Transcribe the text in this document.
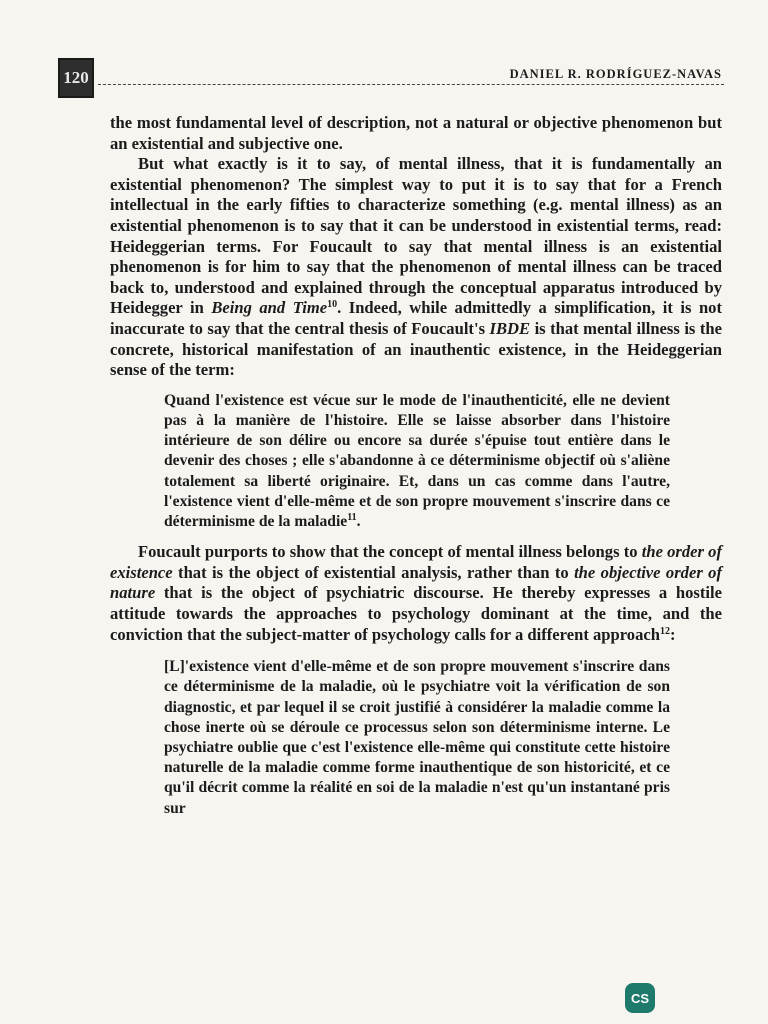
120	DANIEL R. RODRÍGUEZ-NAVAS

the most fundamental level of description, not a natural or objective phenomenon but an existential and subjective one.

But what exactly is it to say, of mental illness, that it is fundamentally an existential phenomenon? The simplest way to put it is to say that for a French intellectual in the early fifties to characterize something (e.g. mental illness) as an existential phenomenon is to say that it can be understood in existential terms, read: Heideggerian terms. For Foucault to say that mental illness is an existential phenomenon is for him to say that the phenomenon of mental illness can be traced back to, understood and explained through the conceptual apparatus introduced by Heidegger in Being and Time$^{10}$. Indeed, while admittedly a simplification, it is not inaccurate to say that the central thesis of Foucault's IBDE is that mental illness is the concrete, historical manifestation of an inauthentic existence, in the Heideggerian sense of the term:

Quand l'existence est vécue sur le mode de l'inauthenticité, elle ne devient pas à la manière de l'histoire. Elle se laisse absorber dans l'histoire intérieure de son délire ou encore sa durée s'épuise tout entière dans le devenir des choses ; elle s'abandonne à ce déterminisme objectif où s'aliène totalement sa liberté originaire. Et, dans un cas comme dans l'autre, l'existence vient d'elle-même et de son propre mouvement s'inscrire dans ce déterminisme de la maladie$^{11}$.

Foucault purports to show that the concept of mental illness belongs to the order of existence that is the object of existential analysis, rather than to the objective order of nature that is the object of psychiatric discourse. He thereby expresses a hostile attitude towards the approaches to psychology dominant at the time, and the conviction that the subject-matter of psychology calls for a different approach$^{12}$:

[L]'existence vient d'elle-même et de son propre mouvement s'inscrire dans ce déterminisme de la maladie, où le psychiatre voit la vérification de son diagnostic, et par lequel il se croit justifié à considérer la maladie comme la chose inerte où se déroule ce processus selon son déterminisme interne. Le psychiatre oublie que c'est l'existence elle-même qui constitute cette histoire naturelle de la maladie comme forme inauthentique de son historicité, et ce qu'il décrit comme la réalité en soi de la maladie n'est qu'un instantané pris sur

CS
